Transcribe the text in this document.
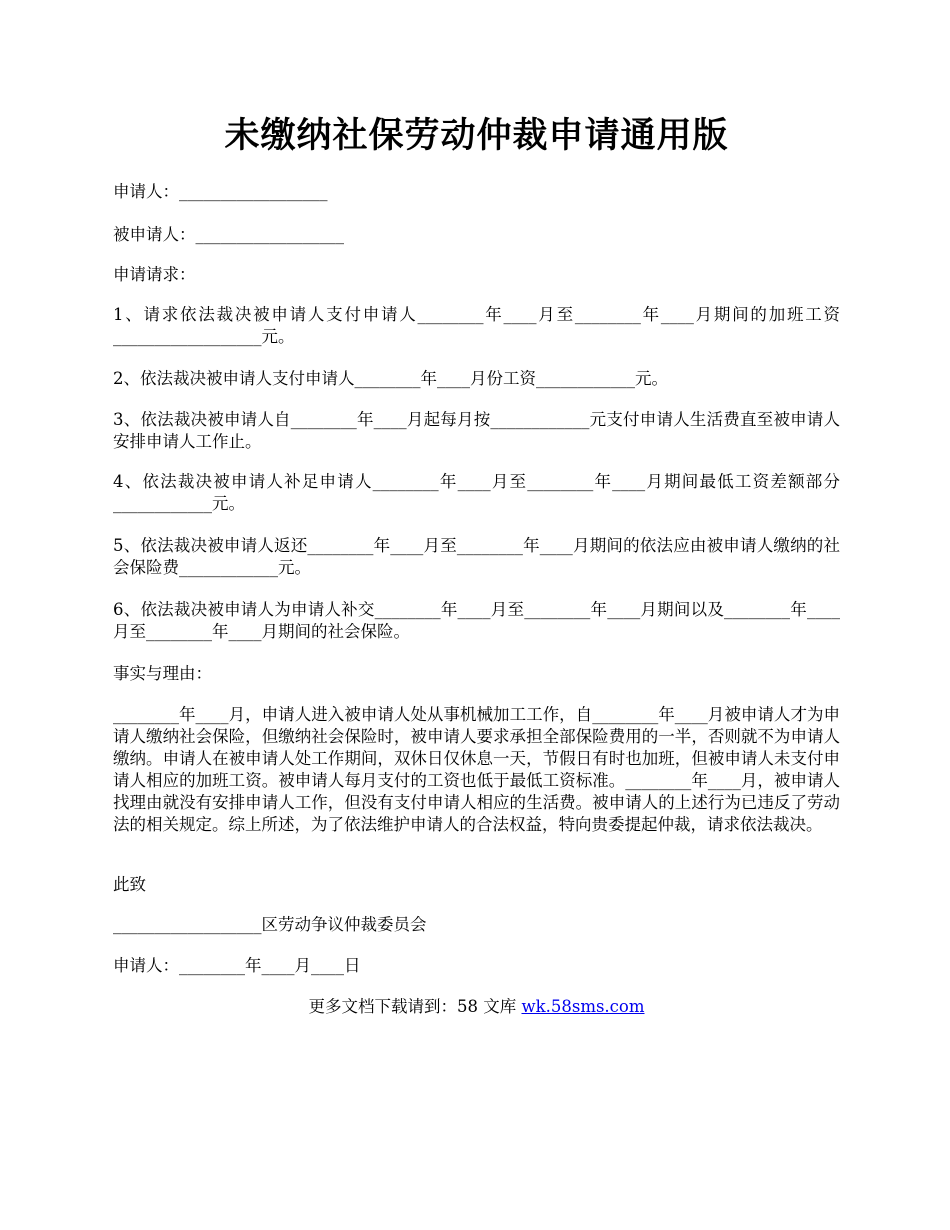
未缴纳社保劳动仲裁申请通用版
申请人：__________________
被申请人：__________________
申请请求：
1、请求依法裁决被申请人支付申请人________年____月至________年____月期间的加班工资__________________元。
2、依法裁决被申请人支付申请人________年____月份工资____________元。
3、依法裁决被申请人自________年____月起每月按____________元支付申请人生活费直至被申请人安排申请人工作止。
4、依法裁决被申请人补足申请人________年____月至________年____月期间最低工资差额部分____________元。
5、依法裁决被申请人返还________年____月至________年____月期间的依法应由被申请人缴纳的社会保险费____________元。
6、依法裁决被申请人为申请人补交________年____月至________年____月期间以及________年____月至________年____月期间的社会保险。
事实与理由：
________年____月，申请人进入被申请人处从事机械加工工作，自________年____月被申请人才为申请人缴纳社会保险，但缴纳社会保险时，被申请人要求承担全部保险费用的一半，否则就不为申请人缴纳。申请人在被申请人处工作期间，双休日仅休息一天，节假日有时也加班，但被申请人未支付申请人相应的加班工资。被申请人每月支付的工资也低于最低工资标准。________年____月，被申请人找理由就没有安排申请人工作，但没有支付申请人相应的生活费。被申请人的上述行为已违反了劳动法的相关规定。综上所述，为了依法维护申请人的合法权益，特向贵委提起仲裁，请求依法裁决。
此致
__________________区劳动争议仲裁委员会
申请人：________年____月____日
更多文档下载请到：58 文库 wk.58sms.com
